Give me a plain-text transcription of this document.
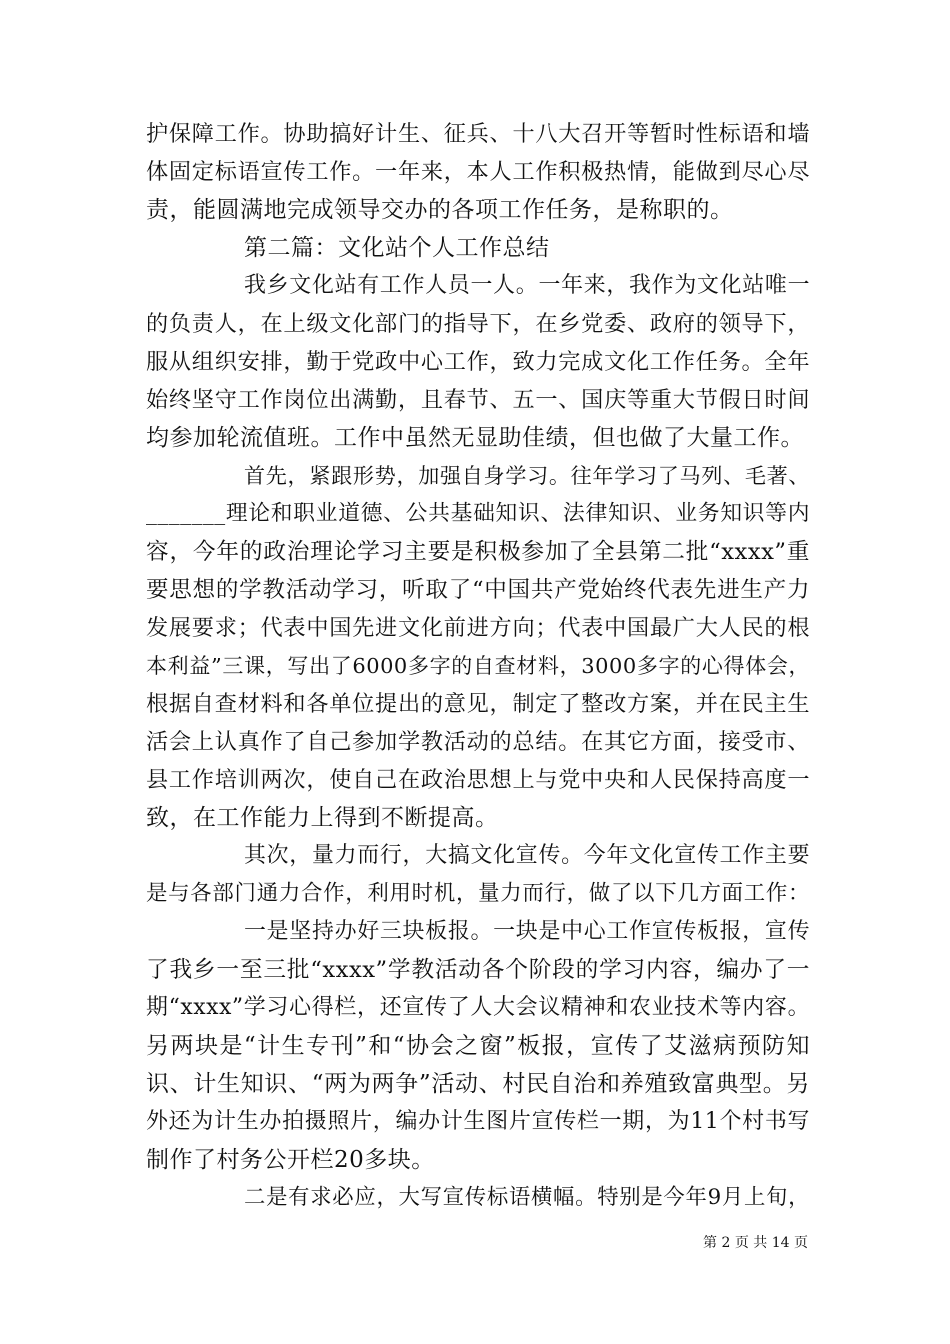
护保障工作。协助搞好计生、征兵、十八大召开等暂时性标语和墙
体固定标语宣传工作。一年来，本人工作积极热情，能做到尽心尽
责，能圆满地完成领导交办的各项工作任务，是称职的。
第二篇：文化站个人工作总结
我乡文化站有工作人员一人。一年来，我作为文化站唯一
的负责人，在上级文化部门的指导下，在乡党委、政府的领导下，
服从组织安排，勤于党政中心工作，致力完成文化工作任务。全年
始终坚守工作岗位出满勤，且春节、五一、国庆等重大节假日时间
均参加轮流值班。工作中虽然无显助佳绩，但也做了大量工作。
首先，紧跟形势，加强自身学习。往年学习了马列、毛著、
_______理论和职业道德、公共基础知识、法律知识、业务知识等内
容，今年的政治理论学习主要是积极参加了全县第二批“xxxx”重
要思想的学教活动学习，听取了“中国共产党始终代表先进生产力
发展要求；代表中国先进文化前进方向；代表中国最广大人民的根
本利益”三课，写出了6000多字的自查材料，3000多字的心得体会，
根据自查材料和各单位提出的意见，制定了整改方案，并在民主生
活会上认真作了自己参加学教活动的总结。在其它方面，接受市、
县工作培训两次，使自己在政治思想上与党中央和人民保持高度一
致，在工作能力上得到不断提高。
其次，量力而行，大搞文化宣传。今年文化宣传工作主要
是与各部门通力合作，利用时机，量力而行，做了以下几方面工作：
一是坚持办好三块板报。一块是中心工作宣传板报，宣传
了我乡一至三批“xxxx”学教活动各个阶段的学习内容，编办了一
期“xxxx”学习心得栏，还宣传了人大会议精神和农业技术等内容。
另两块是“计生专刊”和“协会之窗”板报，宣传了艾滋病预防知
识、计生知识、“两为两争”活动、村民自治和养殖致富典型。另
外还为计生办拍摄照片，编办计生图片宣传栏一期，为11个村书写
制作了村务公开栏20多块。
二是有求必应，大写宣传标语横幅。特别是今年9月上旬，
第 2 页 共 14 页
